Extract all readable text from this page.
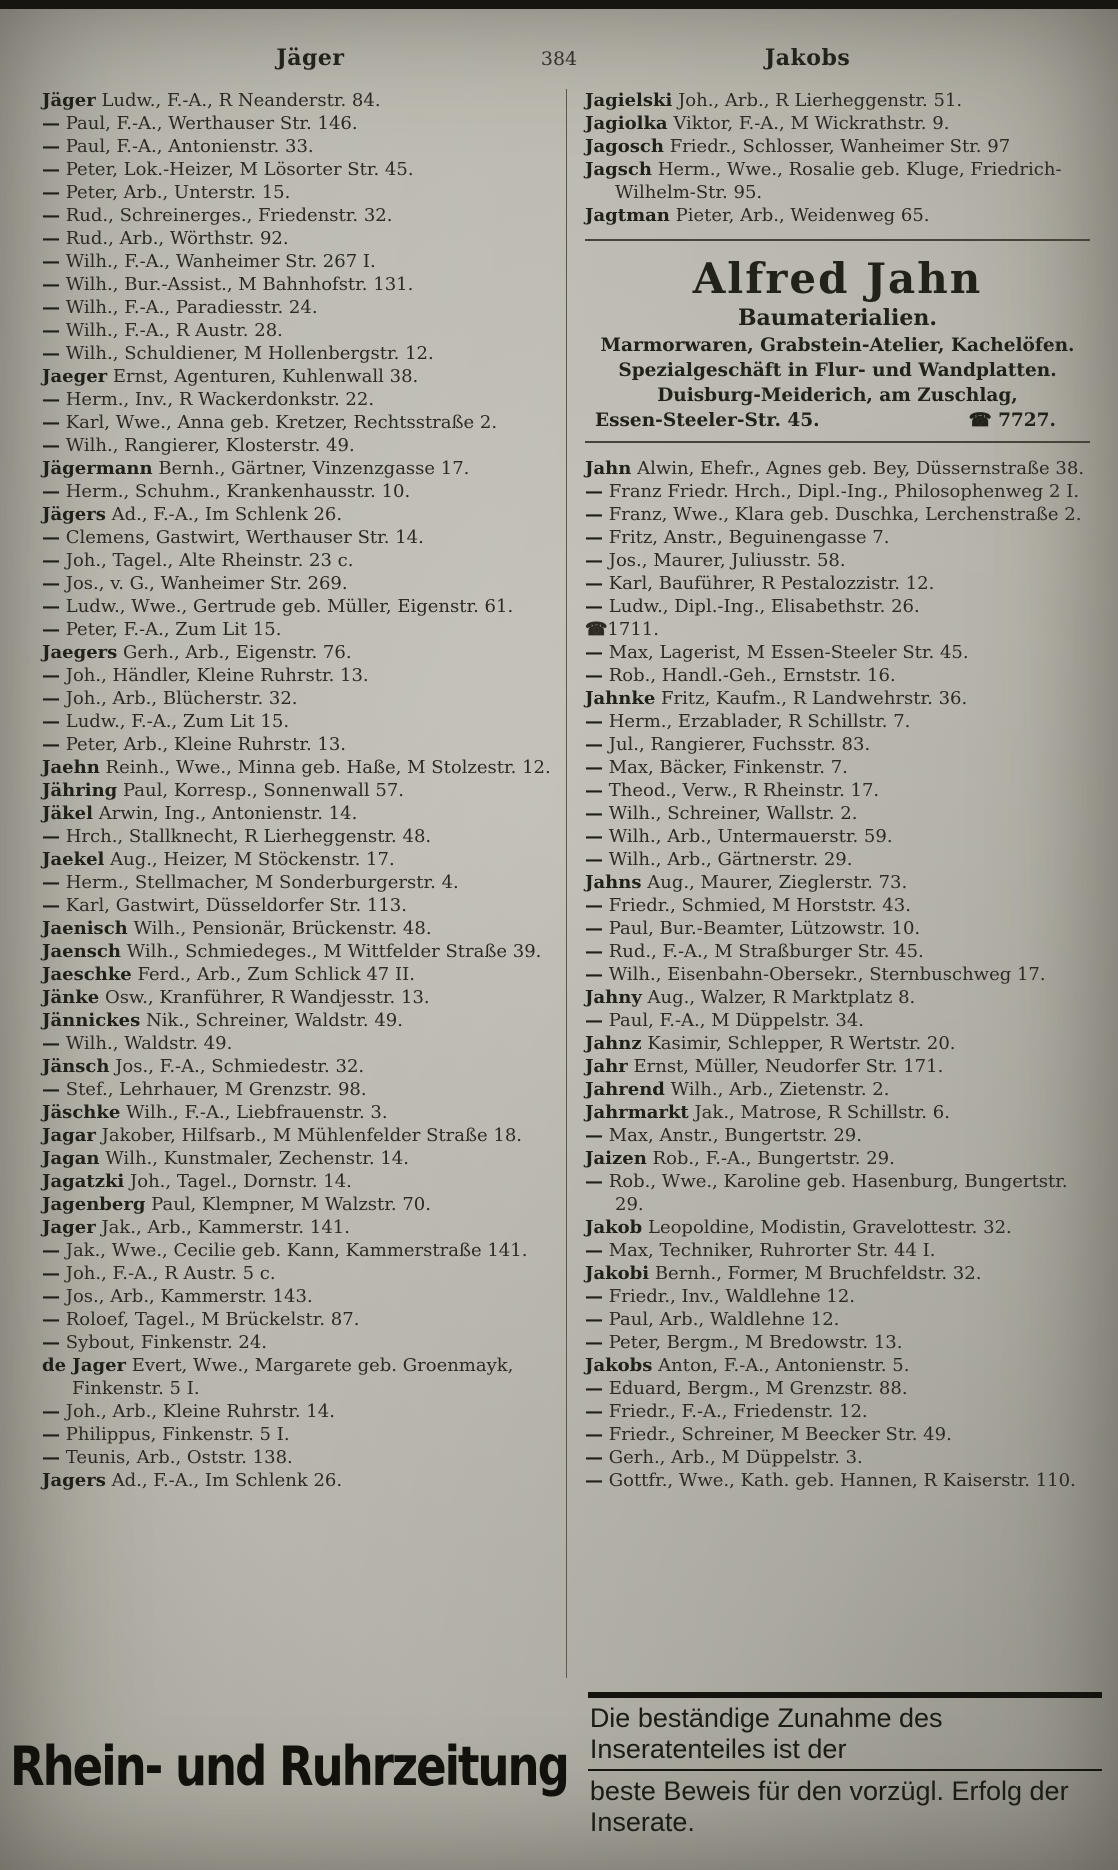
Jäger	384	Jakobs
Jäger Ludw., F.-A., R Neanderstr. 84.
— Paul, F.-A., Werthauser Str. 146.
— Paul, F.-A., Antonienstr. 33.
— Peter, Lok.-Heizer, M Lösorter Str. 45.
— Peter, Arb., Unterstr. 15.
— Rud., Schreinerges., Friedenstr. 32.
— Rud., Arb., Wörthstr. 92.
— Wilh., F.-A., Wanheimer Str. 267 I.
— Wilh., Bur.-Assist., M Bahnhofstr. 131.
— Wilh., F.-A., Paradiesstr. 24.
— Wilh., F.-A., R Austr. 28.
— Wilh., Schuldiener, M Hollenbergstr. 12.
Jaeger Ernst, Agenturen, Kuhlenwall 38.
— Herm., Inv., R Wackerdonkstr. 22.
— Karl, Wwe., Anna geb. Kretzer, Rechtsstraße 2.
— Wilh., Rangierer, Klosterstr. 49.
Jägermann Bernh., Gärtner, Vinzenzgasse 17.
— Herm., Schuhm., Krankenhausstr. 10.
Jägers Ad., F.-A., Im Schlenk 26.
— Clemens, Gastwirt, Werthauser Str. 14.
— Joh., Tagel., Alte Rheinstr. 23 c.
— Jos., v. G., Wanheimer Str. 269.
— Ludw., Wwe., Gertrude geb. Müller, Eigenstr. 61.
— Peter, F.-A., Zum Lit 15.
Jaegers Gerh., Arb., Eigenstr. 76.
— Joh., Händler, Kleine Ruhrstr. 13.
— Joh., Arb., Blücherstr. 32.
— Ludw., F.-A., Zum Lit 15.
— Peter, Arb., Kleine Ruhrstr. 13.
Jaehn Reinh., Wwe., Minna geb. Haße, M Stolzestr. 12.
Jähring Paul, Korresp., Sonnenwall 57.
Jäkel Arwin, Ing., Antonienstr. 14.
— Hrch., Stallknecht, R Lierheggenstr. 48.
Jaekel Aug., Heizer, M Stöckenstr. 17.
— Herm., Stellmacher, M Sonderburgerstr. 4.
— Karl, Gastwirt, Düsseldorfer Str. 113.
Jaenisch Wilh., Pensionär, Brückenstr. 48.
Jaensch Wilh., Schmiedeges., M Wittfelder Straße 39.
Jaeschke Ferd., Arb., Zum Schlick 47 II.
Jänke Osw., Kranführer, R Wandjesstr. 13.
Jännickes Nik., Schreiner, Waldstr. 49.
— Wilh., Waldstr. 49.
Jänsch Jos., F.-A., Schmiedestr. 32.
— Stef., Lehrhauer, M Grenzstr. 98.
Jäschke Wilh., F.-A., Liebfrauenstr. 3.
Jagar Jakober, Hilfsarb., M Mühlenfelder Straße 18.
Jagan Wilh., Kunstmaler, Zechenstr. 14.
Jagatzki Joh., Tagel., Dornstr. 14.
Jagenberg Paul, Klempner, M Walzstr. 70.
Jager Jak., Arb., Kammerstr. 141.
— Jak., Wwe., Cecilie geb. Kann, Kammerstraße 141.
— Joh., F.-A., R Austr. 5 c.
— Jos., Arb., Kammerstr. 143.
— Roloef, Tagel., M Brückelstr. 87.
— Sybout, Finkenstr. 24.
de Jager Evert, Wwe., Margarete geb. Groenmayk, Finkenstr. 5 I.
— Joh., Arb., Kleine Ruhrstr. 14.
— Philippus, Finkenstr. 5 I.
— Teunis, Arb., Oststr. 138.
Jagers Ad., F.-A., Im Schlenk 26.
Jagielski Joh., Arb., R Lierheggenstr. 51.
Jagiolka Viktor, F.-A., M Wickrathstr. 9.
Jagosch Friedr., Schlosser, Wanheimer Str. 97
Jagsch Herm., Wwe., Rosalie geb. Kluge, Friedrich-Wilhelm-Str. 95.
Jagtman Pieter, Arb., Weidenweg 65.
Alfred Jahn
Baumaterialien.
Marmorwaren, Grabstein-Atelier, Kachelöfen.
Spezialgeschäft in Flur- und Wandplatten.
Duisburg-Meiderich, am Zuschlag,
Essen-Steeler-Str. 45.	☎ 7727.
Jahn Alwin, Ehefr., Agnes geb. Bey, Düssernstraße 38.
— Franz Friedr. Hrch., Dipl.-Ing., Philosophenweg 2 I.
— Franz, Wwe., Klara geb. Duschka, Lerchenstraße 2.
— Fritz, Anstr., Beguinengasse 7.
— Jos., Maurer, Juliusstr. 58.
— Karl, Bauführer, R Pestalozzistr. 12.
— Ludw., Dipl.-Ing., Elisabethstr. 26.
☎1711.
— Max, Lagerist, M Essen-Steeler Str. 45.
— Rob., Handl.-Geh., Ernststr. 16.
Jahnke Fritz, Kaufm., R Landwehrstr. 36.
— Herm., Erzablader, R Schillstr. 7.
— Jul., Rangierer, Fuchsstr. 83.
— Max, Bäcker, Finkenstr. 7.
— Theod., Verw., R Rheinstr. 17.
— Wilh., Schreiner, Wallstr. 2.
— Wilh., Arb., Untermauerstr. 59.
— Wilh., Arb., Gärtnerstr. 29.
Jahns Aug., Maurer, Zieglerstr. 73.
— Friedr., Schmied, M Horststr. 43.
— Paul, Bur.-Beamter, Lützowstr. 10.
— Rud., F.-A., M Straßburger Str. 45.
— Wilh., Eisenbahn-Obersekr., Sternbuschweg 17.
Jahny Aug., Walzer, R Marktplatz 8.
— Paul, F.-A., M Düppelstr. 34.
Jahnz Kasimir, Schlepper, R Wertstr. 20.
Jahr Ernst, Müller, Neudorfer Str. 171.
Jahrend Wilh., Arb., Zietenstr. 2.
Jahrmarkt Jak., Matrose, R Schillstr. 6.
— Max, Anstr., Bungertstr. 29.
Jaizen Rob., F.-A., Bungertstr. 29.
— Rob., Wwe., Karoline geb. Hasenburg, Bungertstr. 29.
Jakob Leopoldine, Modistin, Gravelottestr. 32.
— Max, Techniker, Ruhrorter Str. 44 I.
Jakobi Bernh., Former, M Bruchfeldstr. 32.
— Friedr., Inv., Waldlehne 12.
— Paul, Arb., Waldlehne 12.
— Peter, Bergm., M Bredowstr. 13.
Jakobs Anton, F.-A., Antonienstr. 5.
— Eduard, Bergm., M Grenzstr. 88.
— Friedr., F.-A., Friedenstr. 12.
— Friedr., Schreiner, M Beecker Str. 49.
— Gerh., Arb., M Düppelstr. 3.
— Gottfr., Wwe., Kath. geb. Hannen, R Kaiserstr. 110.
Rhein- und Ruhrzeitung
Die beständige Zunahme des Inseratenteiles ist der
beste Beweis für den vorzügl. Erfolg der Inserate.
